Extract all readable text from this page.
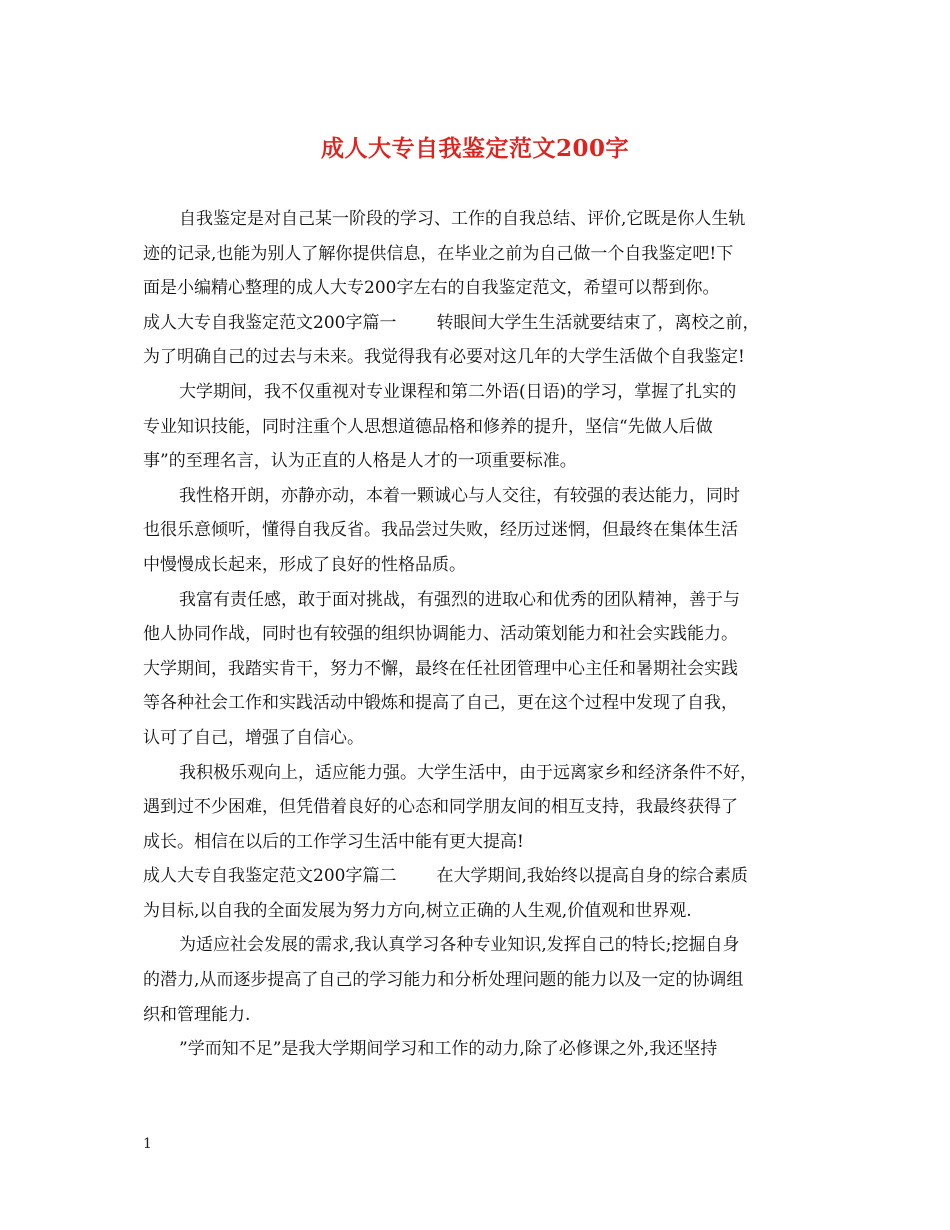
成人大专自我鉴定范文200字
自我鉴定是对自己某一阶段的学习、工作的自我总结、评价,它既是你人生轨
迹的记录,也能为别人了解你提供信息，在毕业之前为自己做一个自我鉴定吧!下
面是小编精心整理的成人大专200字左右的自我鉴定范文，希望可以帮到你。
成人大专自我鉴定范文200字篇一 转眼间大学生生活就要结束了，离校之前，
为了明确自己的过去与未来。我觉得我有必要对这几年的大学生活做个自我鉴定!
大学期间，我不仅重视对专业课程和第二外语(日语)的学习，掌握了扎实的
专业知识技能，同时注重个人思想道德品格和修养的提升，坚信“先做人后做
事”的至理名言，认为正直的人格是人才的一项重要标准。
我性格开朗，亦静亦动，本着一颗诚心与人交往，有较强的表达能力，同时
也很乐意倾听，懂得自我反省。我品尝过失败，经历过迷惘，但最终在集体生活
中慢慢成长起来，形成了良好的性格品质。
我富有责任感，敢于面对挑战，有强烈的进取心和优秀的团队精神，善于与
他人协同作战，同时也有较强的组织协调能力、活动策划能力和社会实践能力。
大学期间，我踏实肯干，努力不懈，最终在任社团管理中心主任和暑期社会实践
等各种社会工作和实践活动中锻炼和提高了自己，更在这个过程中发现了自我，
认可了自己，增强了自信心。
我积极乐观向上，适应能力强。大学生活中，由于远离家乡和经济条件不好，
遇到过不少困难，但凭借着良好的心态和同学朋友间的相互支持，我最终获得了
成长。相信在以后的工作学习生活中能有更大提高!
成人大专自我鉴定范文200字篇二 在大学期间,我始终以提高自身的综合素质
为目标,以自我的全面发展为努力方向,树立正确的人生观,价值观和世界观.
为适应社会发展的需求,我认真学习各种专业知识,发挥自己的特长;挖掘自身
的潜力,从而逐步提高了自己的学习能力和分析处理问题的能力以及一定的协调组
织和管理能力.
”学而知不足”是我大学期间学习和工作的动力,除了必修课之外,我还坚持
1
